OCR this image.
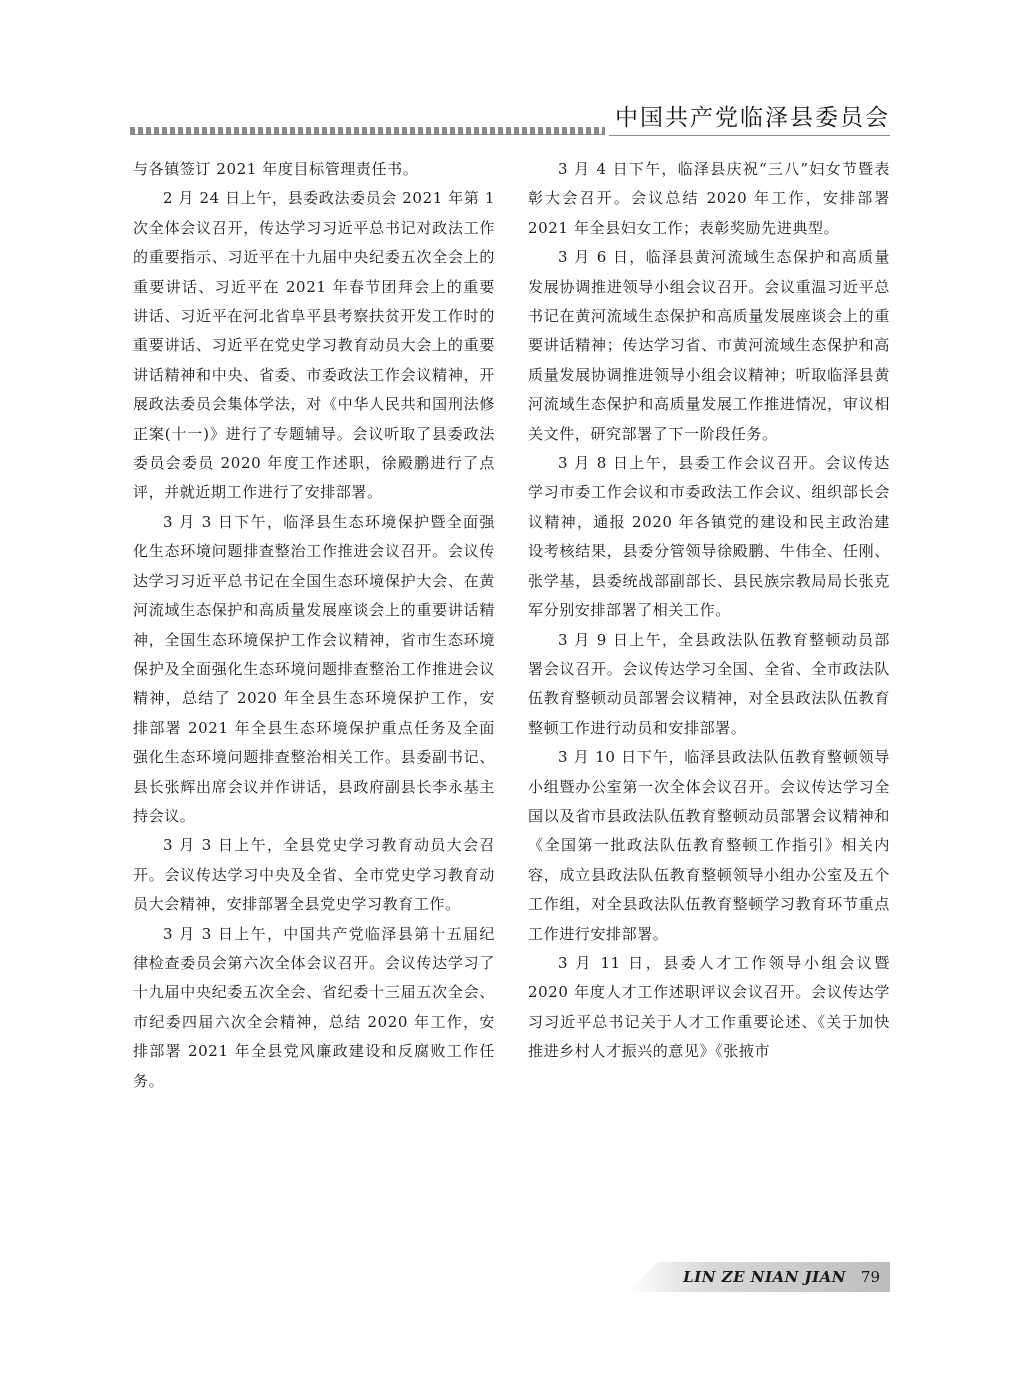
中国共产党临泽县委员会

与各镇签订 2021 年度目标管理责任书。

2 月 24 日上午，县委政法委员会 2021 年第 1 次全体会议召开，传达学习习近平总书记对政法工作的重要指示、习近平在十九届中央纪委五次全会上的重要讲话、习近平在 2021 年春节团拜会上的重要讲话、习近平在河北省阜平县考察扶贫开发工作时的重要讲话、习近平在党史学习教育动员大会上的重要讲话精神和中央、省委、市委政法工作会议精神，开展政法委员会集体学法，对《中华人民共和国刑法修正案(十一)》进行了专题辅导。会议听取了县委政法委员会委员 2020 年度工作述职，徐殿鹏进行了点评，并就近期工作进行了安排部署。

3 月 3 日下午，临泽县生态环境保护暨全面强化生态环境问题排查整治工作推进会议召开。会议传达学习习近平总书记在全国生态环境保护大会、在黄河流域生态保护和高质量发展座谈会上的重要讲话精神，全国生态环境保护工作会议精神，省市生态环境保护及全面强化生态环境问题排查整治工作推进会议精神，总结了 2020 年全县生态环境保护工作，安排部署 2021 年全县生态环境保护重点任务及全面强化生态环境问题排查整治相关工作。县委副书记、县长张辉出席会议并作讲话，县政府副县长李永基主持会议。

3 月 3 日上午，全县党史学习教育动员大会召开。会议传达学习中央及全省、全市党史学习教育动员大会精神，安排部署全县党史学习教育工作。

3 月 3 日上午，中国共产党临泽县第十五届纪律检查委员会第六次全体会议召开。会议传达学习了十九届中央纪委五次全会、省纪委十三届五次全会、市纪委四届六次全会精神，总结 2020 年工作，安排部署 2021 年全县党风廉政建设和反腐败工作任务。

3 月 4 日下午，临泽县庆祝“三八”妇女节暨表彰大会召开。会议总结 2020 年工作，安排部署 2021 年全县妇女工作；表彰奖励先进典型。

3 月 6 日，临泽县黄河流域生态保护和高质量发展协调推进领导小组会议召开。会议重温习近平总书记在黄河流域生态保护和高质量发展座谈会上的重要讲话精神；传达学习省、市黄河流域生态保护和高质量发展协调推进领导小组会议精神；听取临泽县黄河流域生态保护和高质量发展工作推进情况，审议相关文件，研究部署了下一阶段任务。

3 月 8 日上午，县委工作会议召开。会议传达学习市委工作会议和市委政法工作会议、组织部长会议精神，通报 2020 年各镇党的建设和民主政治建设考核结果，县委分管领导徐殿鹏、牛伟全、任刚、张学基，县委统战部副部长、县民族宗教局局长张克军分别安排部署了相关工作。

3 月 9 日上午，全县政法队伍教育整顿动员部署会议召开。会议传达学习全国、全省、全市政法队伍教育整顿动员部署会议精神，对全县政法队伍教育整顿工作进行动员和安排部署。

3 月 10 日下午，临泽县政法队伍教育整顿领导小组暨办公室第一次全体会议召开。会议传达学习全国以及省市县政法队伍教育整顿动员部署会议精神和《全国第一批政法队伍教育整顿工作指引》相关内容，成立县政法队伍教育整顿领导小组办公室及五个工作组，对全县政法队伍教育整顿学习教育环节重点工作进行安排部署。

3 月 11 日，县委人才工作领导小组会议暨 2020 年度人才工作述职评议会议召开。会议传达学习习近平总书记关于人才工作重要论述、《关于加快推进乡村人才振兴的意见》《张掖市

LIN ZE NIAN JIAN 79
